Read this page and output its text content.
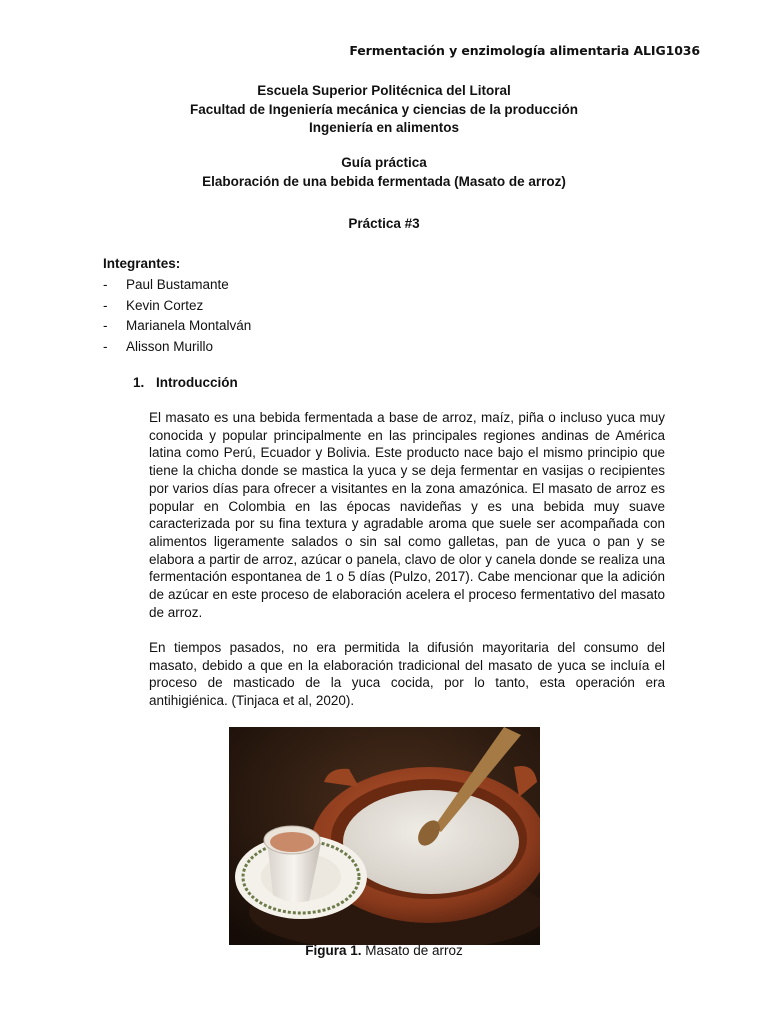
Fermentación y enzimología alimentaria ALIG1036
Escuela Superior Politécnica del Litoral
Facultad de Ingeniería mecánica y ciencias de la producción
Ingeniería en alimentos
Guía práctica
Elaboración de una bebida fermentada (Masato de arroz)
Práctica #3
Integrantes:
- Paul Bustamante
- Kevin Cortez
- Marianela Montalván
- Alisson Murillo
1. Introducción

El masato es una bebida fermentada a base de arroz, maíz, piña o incluso yuca muy conocida y popular principalmente en las principales regiones andinas de América latina como Perú, Ecuador y Bolivia. Este producto nace bajo el mismo principio que tiene la chicha donde se mastica la yuca y se deja fermentar en vasijas o recipientes por varios días para ofrecer a visitantes en la zona amazónica. El masato de arroz es popular en Colombia en las épocas navideñas y es una bebida muy suave caracterizada por su fina textura y agradable aroma que suele ser acompañada con alimentos ligeramente salados o sin sal como galletas, pan de yuca o pan y se elabora a partir de arroz, azúcar o panela, clavo de olor y canela donde se realiza una fermentación espontanea de 1 o 5 días (Pulzo, 2017). Cabe mencionar que la adición de azúcar en este proceso de elaboración acelera el proceso fermentativo del masato de arroz.

En tiempos pasados, no era permitida la difusión mayoritaria del consumo del masato, debido a que en la elaboración tradicional del masato de yuca se incluía el proceso de masticado de la yuca cocida, por lo tanto, esta operación era antihigiénica. (Tinjaca et al, 2020).

Figura 1. Masato de arroz
